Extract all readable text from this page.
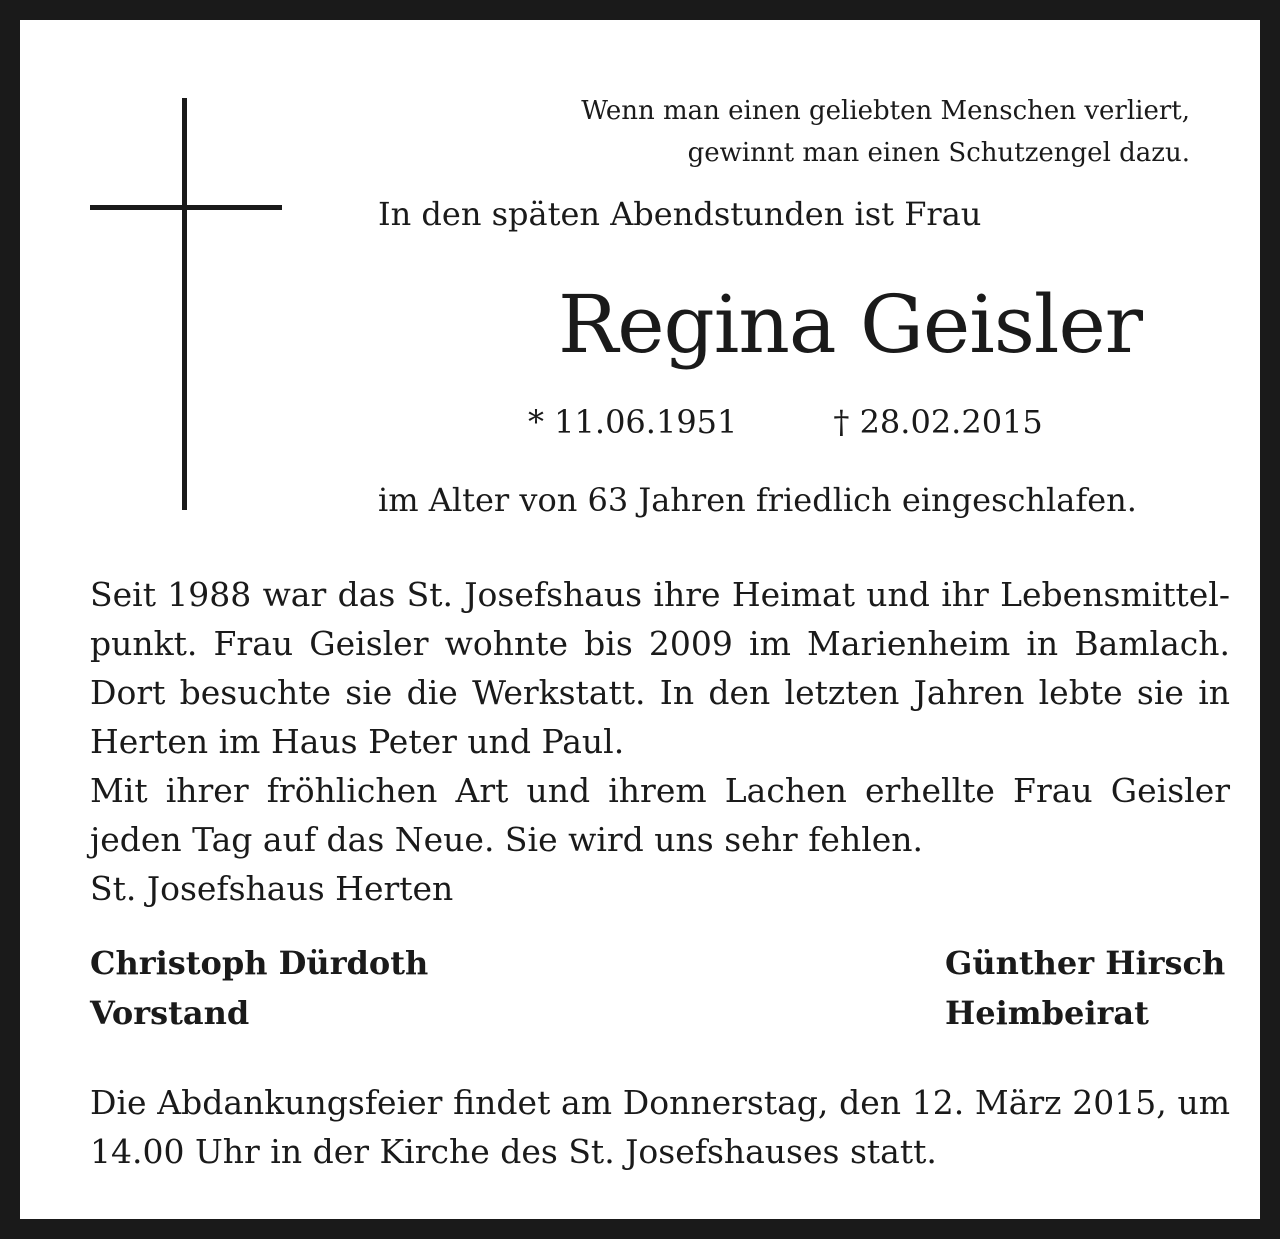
Wenn man einen geliebten Menschen verliert,
gewinnt man einen Schutzengel dazu.
In den späten Abendstunden ist Frau
Regina Geisler
* 11.06.1951	† 28.02.2015
im Alter von 63 Jahren friedlich eingeschlafen.
Seit 1988 war das St. Josefshaus ihre Heimat und ihr Lebensmittel-
punkt. Frau Geisler wohnte bis 2009 im Marienheim in Bamlach.
Dort besuchte sie die Werkstatt. In den letzten Jahren lebte sie in
Herten im Haus Peter und Paul.
Mit ihrer fröhlichen Art und ihrem Lachen erhellte Frau Geisler
jeden Tag auf das Neue. Sie wird uns sehr fehlen.
St. Josefshaus Herten
Christoph Dürdoth
Vorstand
Günther Hirsch
Heimbeirat
Die Abdankungsfeier findet am Donnerstag, den 12. März 2015, um
14.00 Uhr in der Kirche des St. Josefshauses statt.
